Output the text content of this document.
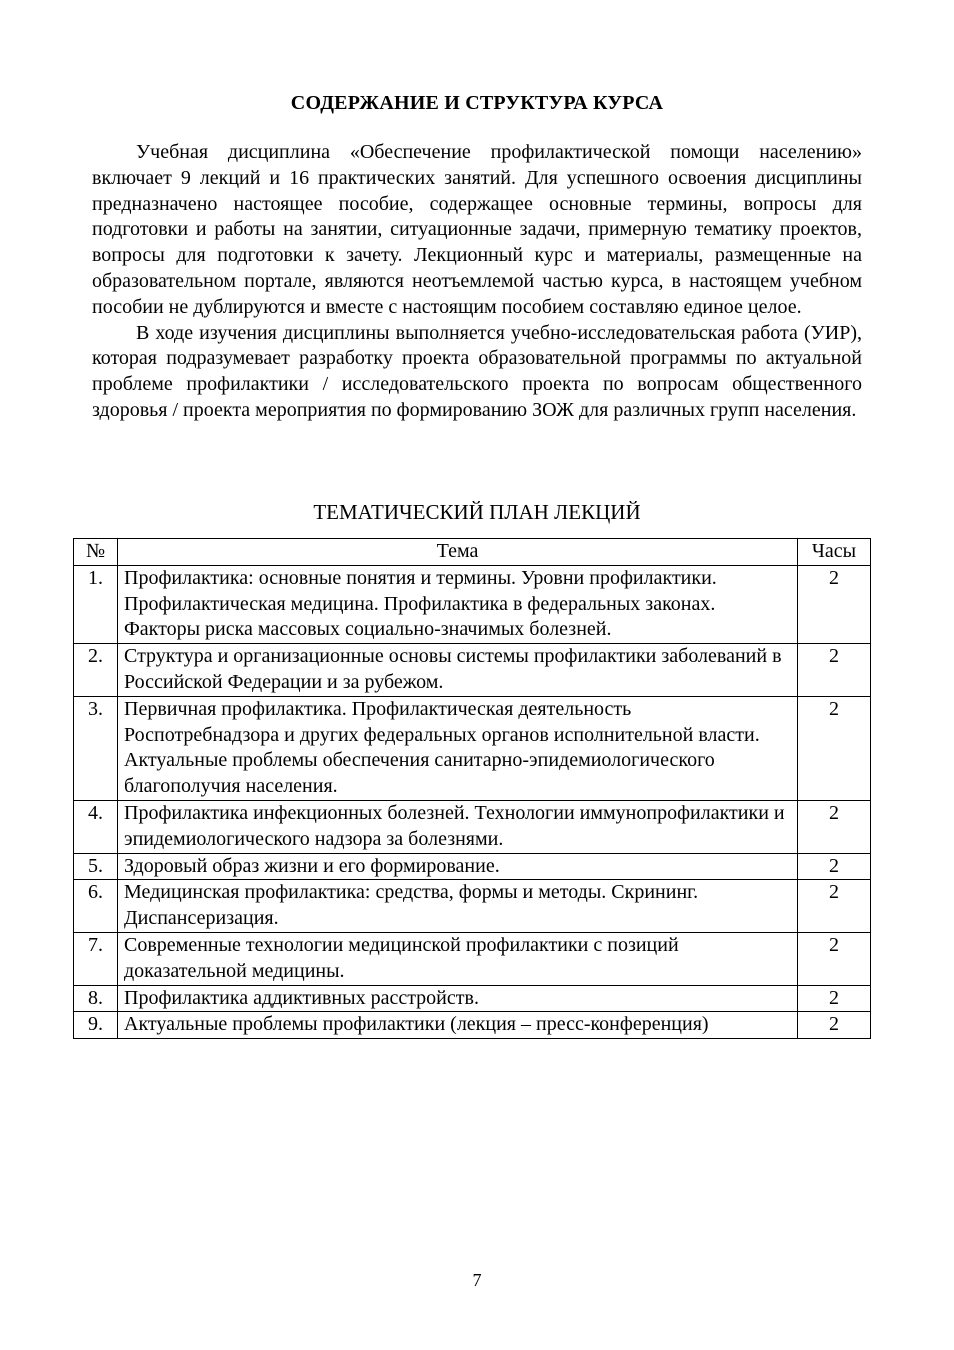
СОДЕРЖАНИЕ И СТРУКТУРА КУРСА

Учебная дисциплина «Обеспечение профилактической помощи населению» включает 9 лекций и 16 практических занятий. Для успешного освоения дисциплины предназначено настоящее пособие, содержащее основные термины, вопросы для подготовки и работы на занятии, ситуационные задачи, примерную тематику проектов, вопросы для подготовки к зачету. Лекционный курс и материалы, размещенные на образовательном портале, являются неотъемлемой частью курса, в настоящем учебном пособии не дублируются и вместе с настоящим пособием составляю единое целое.

В ходе изучения дисциплины выполняется учебно-исследовательская работа (УИР), которая подразумевает разработку проекта образовательной программы по актуальной проблеме профилактики / исследовательского проекта по вопросам общественного здоровья / проекта мероприятия по формированию ЗОЖ для различных групп населения.

ТЕМАТИЧЕСКИЙ ПЛАН ЛЕКЦИЙ
№	Тема	Часы
1.	Профилактика: основные понятия и термины. Уровни профилактики. Профилактическая медицина. Профилактика в федеральных законах. Факторы риска массовых социально-значимых болезней.	2
2.	Структура и организационные основы системы профилактики заболеваний в Российской Федерации и за рубежом.	2
3.	Первичная профилактика. Профилактическая деятельность Роспотребнадзора и других федеральных органов исполнительной власти. Актуальные проблемы обеспечения санитарно-эпидемиологического благополучия населения.	2
4.	Профилактика инфекционных болезней. Технологии иммунопрофилактики и эпидемиологического надзора за болезнями.	2
5.	Здоровый образ жизни и его формирование.	2
6.	Медицинская профилактика: средства, формы и методы. Скрининг. Диспансеризация.	2
7.	Современные технологии медицинской профилактики с позиций доказательной медицины.	2
8.	Профилактика аддиктивных расстройств.	2
9.	Актуальные проблемы профилактики (лекция – пресс-конференция)	2
7
